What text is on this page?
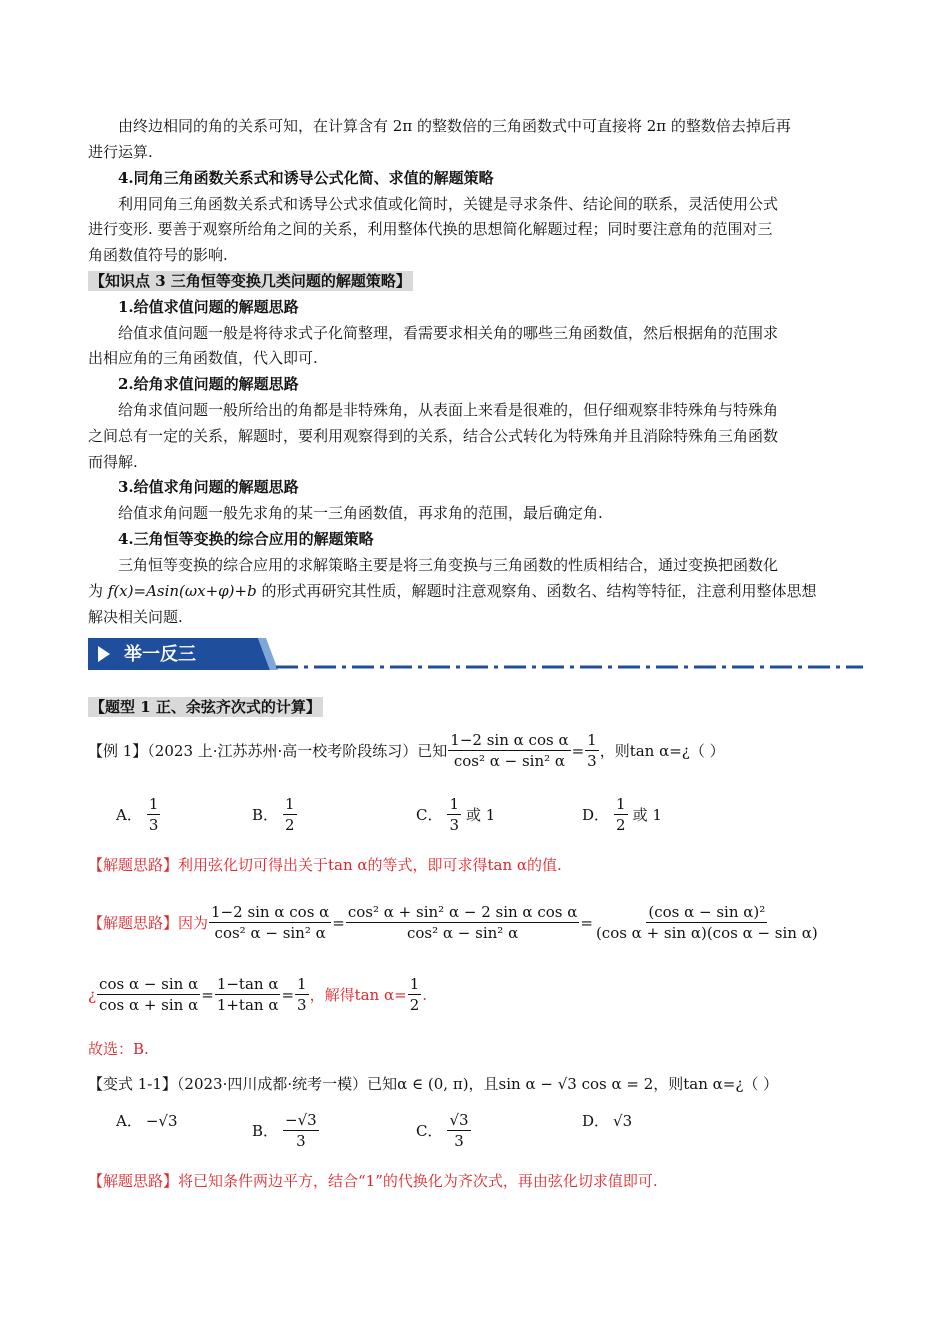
由终边相同的角的关系可知，在计算含有 2π 的整数倍的三角函数式中可直接将 2π 的整数倍去掉后再
进行运算.
4.同角三角函数关系式和诱导公式化简、求值的解题策略
利用同角三角函数关系式和诱导公式求值或化简时，关键是寻求条件、结论间的联系，灵活使用公式
进行变形. 要善于观察所给角之间的关系，利用整体代换的思想简化解题过程；同时要注意角的范围对三
角函数值符号的影响.
【知识点 3 三角恒等变换几类问题的解题策略】
1.给值求值问题的解题思路
给值求值问题一般是将待求式子化简整理，看需要求相关角的哪些三角函数值，然后根据角的范围求
出相应角的三角函数值，代入即可.
2.给角求值问题的解题思路
给角求值问题一般所给出的角都是非特殊角，从表面上来看是很难的，但仔细观察非特殊角与特殊角
之间总有一定的关系，解题时，要利用观察得到的关系，结合公式转化为特殊角并且消除特殊角三角函数
而得解.
3.给值求角问题的解题思路
给值求角问题一般先求角的某一三角函数值，再求角的范围，最后确定角.
4.三角恒等变换的综合应用的解题策略
三角恒等变换的综合应用的求解策略主要是将三角变换与三角函数的性质相结合，通过变换把函数化
为 f(x)=Asin(ωx+φ)+b 的形式再研究其性质，解题时注意观察角、函数名、结构等特征，注意利用整体思想
解决相关问题.
举一反三
【题型 1 正、余弦齐次式的计算】
【例 1】（2023 上·江苏苏州·高一校考阶段练习）已知 $\frac{\text{1−2 sin α cos α}}{\text{cos² α − sin² α}} = \frac{1}{3}$ ，则tan α=¿（ ）
A． $\frac{1}{3}$	B． $\frac{1}{2}$	C． $\frac{1}{3}$ 或 1	D． $\frac{1}{2}$ 或 1
【解题思路】利用弦化切可得出关于tan α的等式，即可求得tan α的值.
【解题思路】因为 $\frac{\text{1−2 sin α cos α}}{\text{cos² α − sin² α}} = \frac{\text{cos² α + sin² α − 2 sin α cos α}}{\text{cos² α − sin² α}} = \frac{\text{(cos α − sin α)²}}{\text{(cos α + sin α)(cos α − sin α)}}$
¿ $\frac{\text{cos α − sin α}}{\text{cos α + sin α}} = \frac{\text{1−tan α}}{\text{1+tan α}} = \frac{1}{3}$ ，解得$\tan \alpha= \frac{1}{2}$ .
故选：B.
【变式 1-1】（2023·四川成都·统考一模）已知α ∈ (0, π)，且sin α − √3 cos α = 2，则tan α=¿（ ）
A． −√3
B． $\frac{-√3}{3}$	C． $\frac{√3}{3}$	D． √3
【解题思路】将已知条件两边平方，结合“1”的代换化为齐次式，再由弦化切求值即可.
